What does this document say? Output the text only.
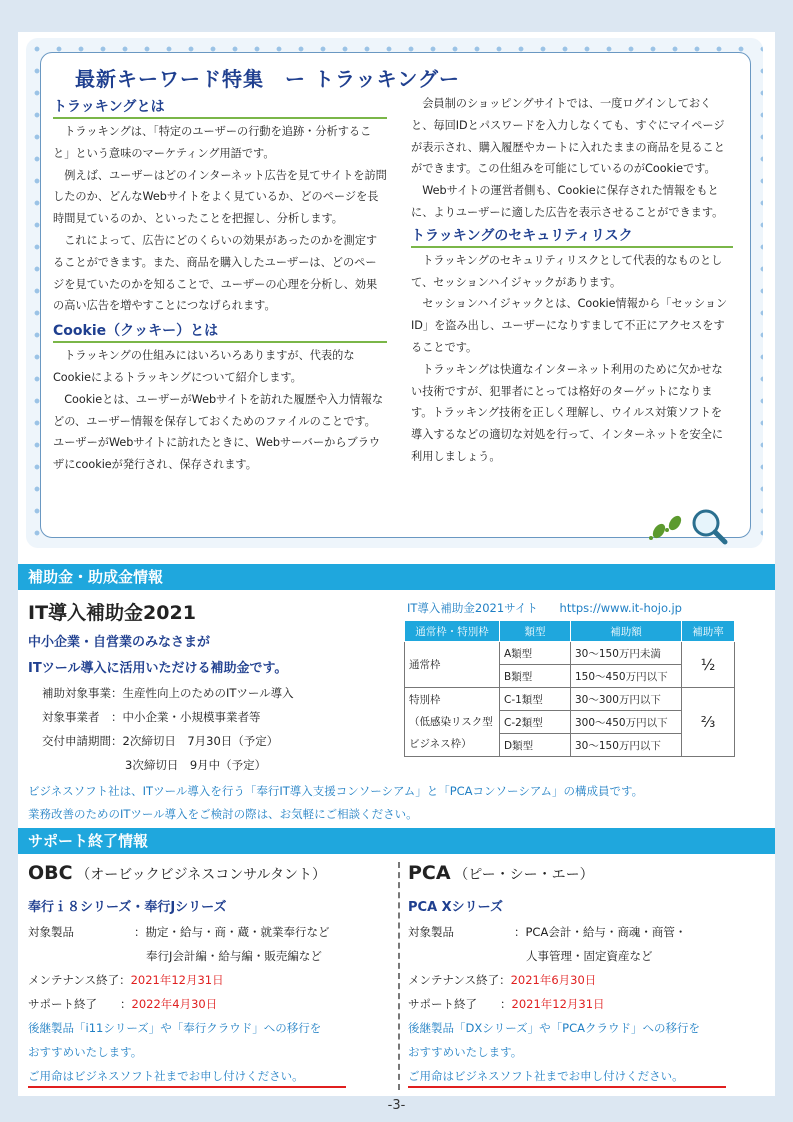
最新キーワード特集　ー トラッキングー
トラッキングとは

トラッキングは、「特定のユーザーの行動を追跡・分析すること」という意味のマーケティング用語です。

例えば、ユーザーはどのインターネット広告を見てサイトを訪問したのか、どんなWebサイトをよく見ているか、どのページを長時間見ているのか、といったことを把握し、分析します。

これによって、広告にどのくらいの効果があったのかを測定することができます。また、商品を購入したユーザーは、どのページを見ていたのかを知ることで、ユーザーの心理を分析し、効果の高い広告を増やすことにつなげられます。

Cookie（クッキー）とは

トラッキングの仕組みにはいろいろありますが、代表的なCookieによるトラッキングについて紹介します。

Cookieとは、ユーザーがWebサイトを訪れた履歴や入力情報などの、ユーザー情報を保存しておくためのファイルのことです。ユーザーがWebサイトに訪れたときに、Webサーバーからブラウザにcookieが発行され、保存されます。

会員制のショッピングサイトでは、一度ログインしておくと、毎回IDとパスワードを入力しなくても、すぐにマイページが表示され、購入履歴やカートに入れたままの商品を見ることができます。この仕組みを可能にしているのがCookieです。

Webサイトの運営者側も、Cookieに保存された情報をもとに、よりユーザーに適した広告を表示させることができます。

トラッキングのセキュリティリスク

トラッキングのセキュリティリスクとして代表的なものとして、セッションハイジャックがあります。

セッションハイジャックとは、Cookie情報から「セッションID」を盗み出し、ユーザーになりすまして不正にアクセスをすることです。

トラッキングは快適なインターネット利用のために欠かせない技術ですが、犯罪者にとっては格好のターゲットになります。トラッキング技術を正しく理解し、ウイルス対策ソフトを導入するなどの適切な対処を行って、インターネットを安全に利用しましょう。

補助金・助成金情報
IT導入補助金2021
中小企業・自営業のみなさまが
ITツール導入に活用いただける補助金です。
補助対象事業：生産性向上のためのITツール導入
対象事業者　：中小企業・小規模事業者等
交付申請期間：2次締切日　7月30日（予定）
3次締切日　9月中（予定）
IT導入補助金2021サイト https://www.it-hojo.jp
通常枠・特別枠	類型	補助額	補助率
通常枠	A類型	30～150万円未満	½
	B類型	150～450万円以下	

特別枠
（低感染リスク型
ビジネス枠）	C-1類型	30～300万円以下	⅔
	C-2類型	300～450万円以下	
	D類型	30～150万円以下	
ビジネスソフト社は、ITツール導入を行う「奉行IT導入支援コンソーシアム」と「PCAコンソーシアム」の構成員です。
業務改善のためのITツール導入をご検討の際は、お気軽にご相談ください。
サポート終了情報
OBC （オービックビジネスコンサルタント）
奉行ｉ８シリーズ・奉行Jシリーズ
対象製品	：勘定・給与・商・蔵・就業奉行など
奉行J会計編・給与編・販売編など
メンテナンス終了：2021年12月31日
サポート終了　　：2022年4月30日
後継製品「i11シリーズ」や「奉行クラウド」への移行を
おすすめいたします。
ご用命はビジネスソフト社までお申し付けください。
PCA （ピー・シー・エー）
PCA Xシリーズ
対象製品	：PCA会計・給与・商魂・商管・
人事管理・固定資産など
メンテナンス終了：2021年6月30日
サポート終了　　：2021年12月31日
後継製品「DXシリーズ」や「PCAクラウド」への移行を
おすすめいたします。
ご用命はビジネスソフト社までお申し付けください。
-3-
